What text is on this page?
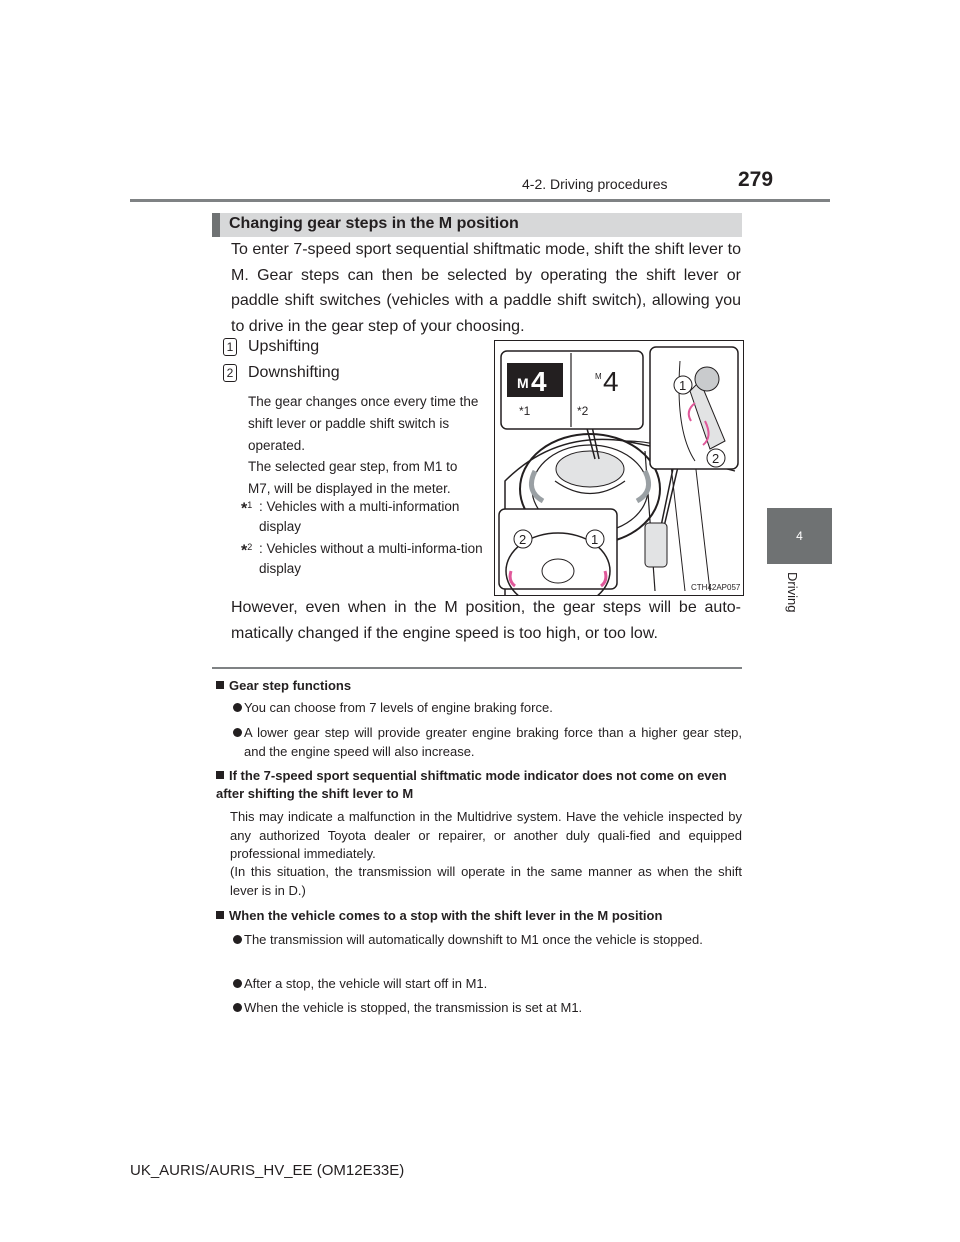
4-2. Driving procedures	279
4
Driving
Changing gear steps in the M position
To enter 7-speed sport sequential shiftmatic mode, shift the shift lever to M. Gear steps can then be selected by operating the shift lever or paddle shift switches (vehicles with a paddle shift switch), allowing you to drive in the gear step of your choosing.
1 Upshifting
2 Downshifting
The gear changes once every time the shift lever or paddle shift switch is operated.
The selected gear step, from M1 to M7, will be displayed in the meter.
*$^1$ : Vehicles with a multi-information display
*$^2$ : Vehicles without a multi-informa-tion display
M 4	M 4
*1	*2
1
2
2	1
CTH42AP057
However, even when in the M position, the gear steps will be auto-matically changed if the engine speed is too high, or too low.
Gear step functions
You can choose from 7 levels of engine braking force.
A lower gear step will provide greater engine braking force than a higher gear step, and the engine speed will also increase.
If the 7-speed sport sequential shiftmatic mode indicator does not come on even after shifting the shift lever to M
This may indicate a malfunction in the Multidrive system. Have the vehicle inspected by any authorized Toyota dealer or repairer, or another duly quali-fied and equipped professional immediately.
(In this situation, the transmission will operate in the same manner as when the shift lever is in D.)
When the vehicle comes to a stop with the shift lever in the M position
The transmission will automatically downshift to M1 once the vehicle is stopped.
After a stop, the vehicle will start off in M1.
When the vehicle is stopped, the transmission is set at M1.
UK_AURIS/AURIS_HV_EE (OM12E33E)
